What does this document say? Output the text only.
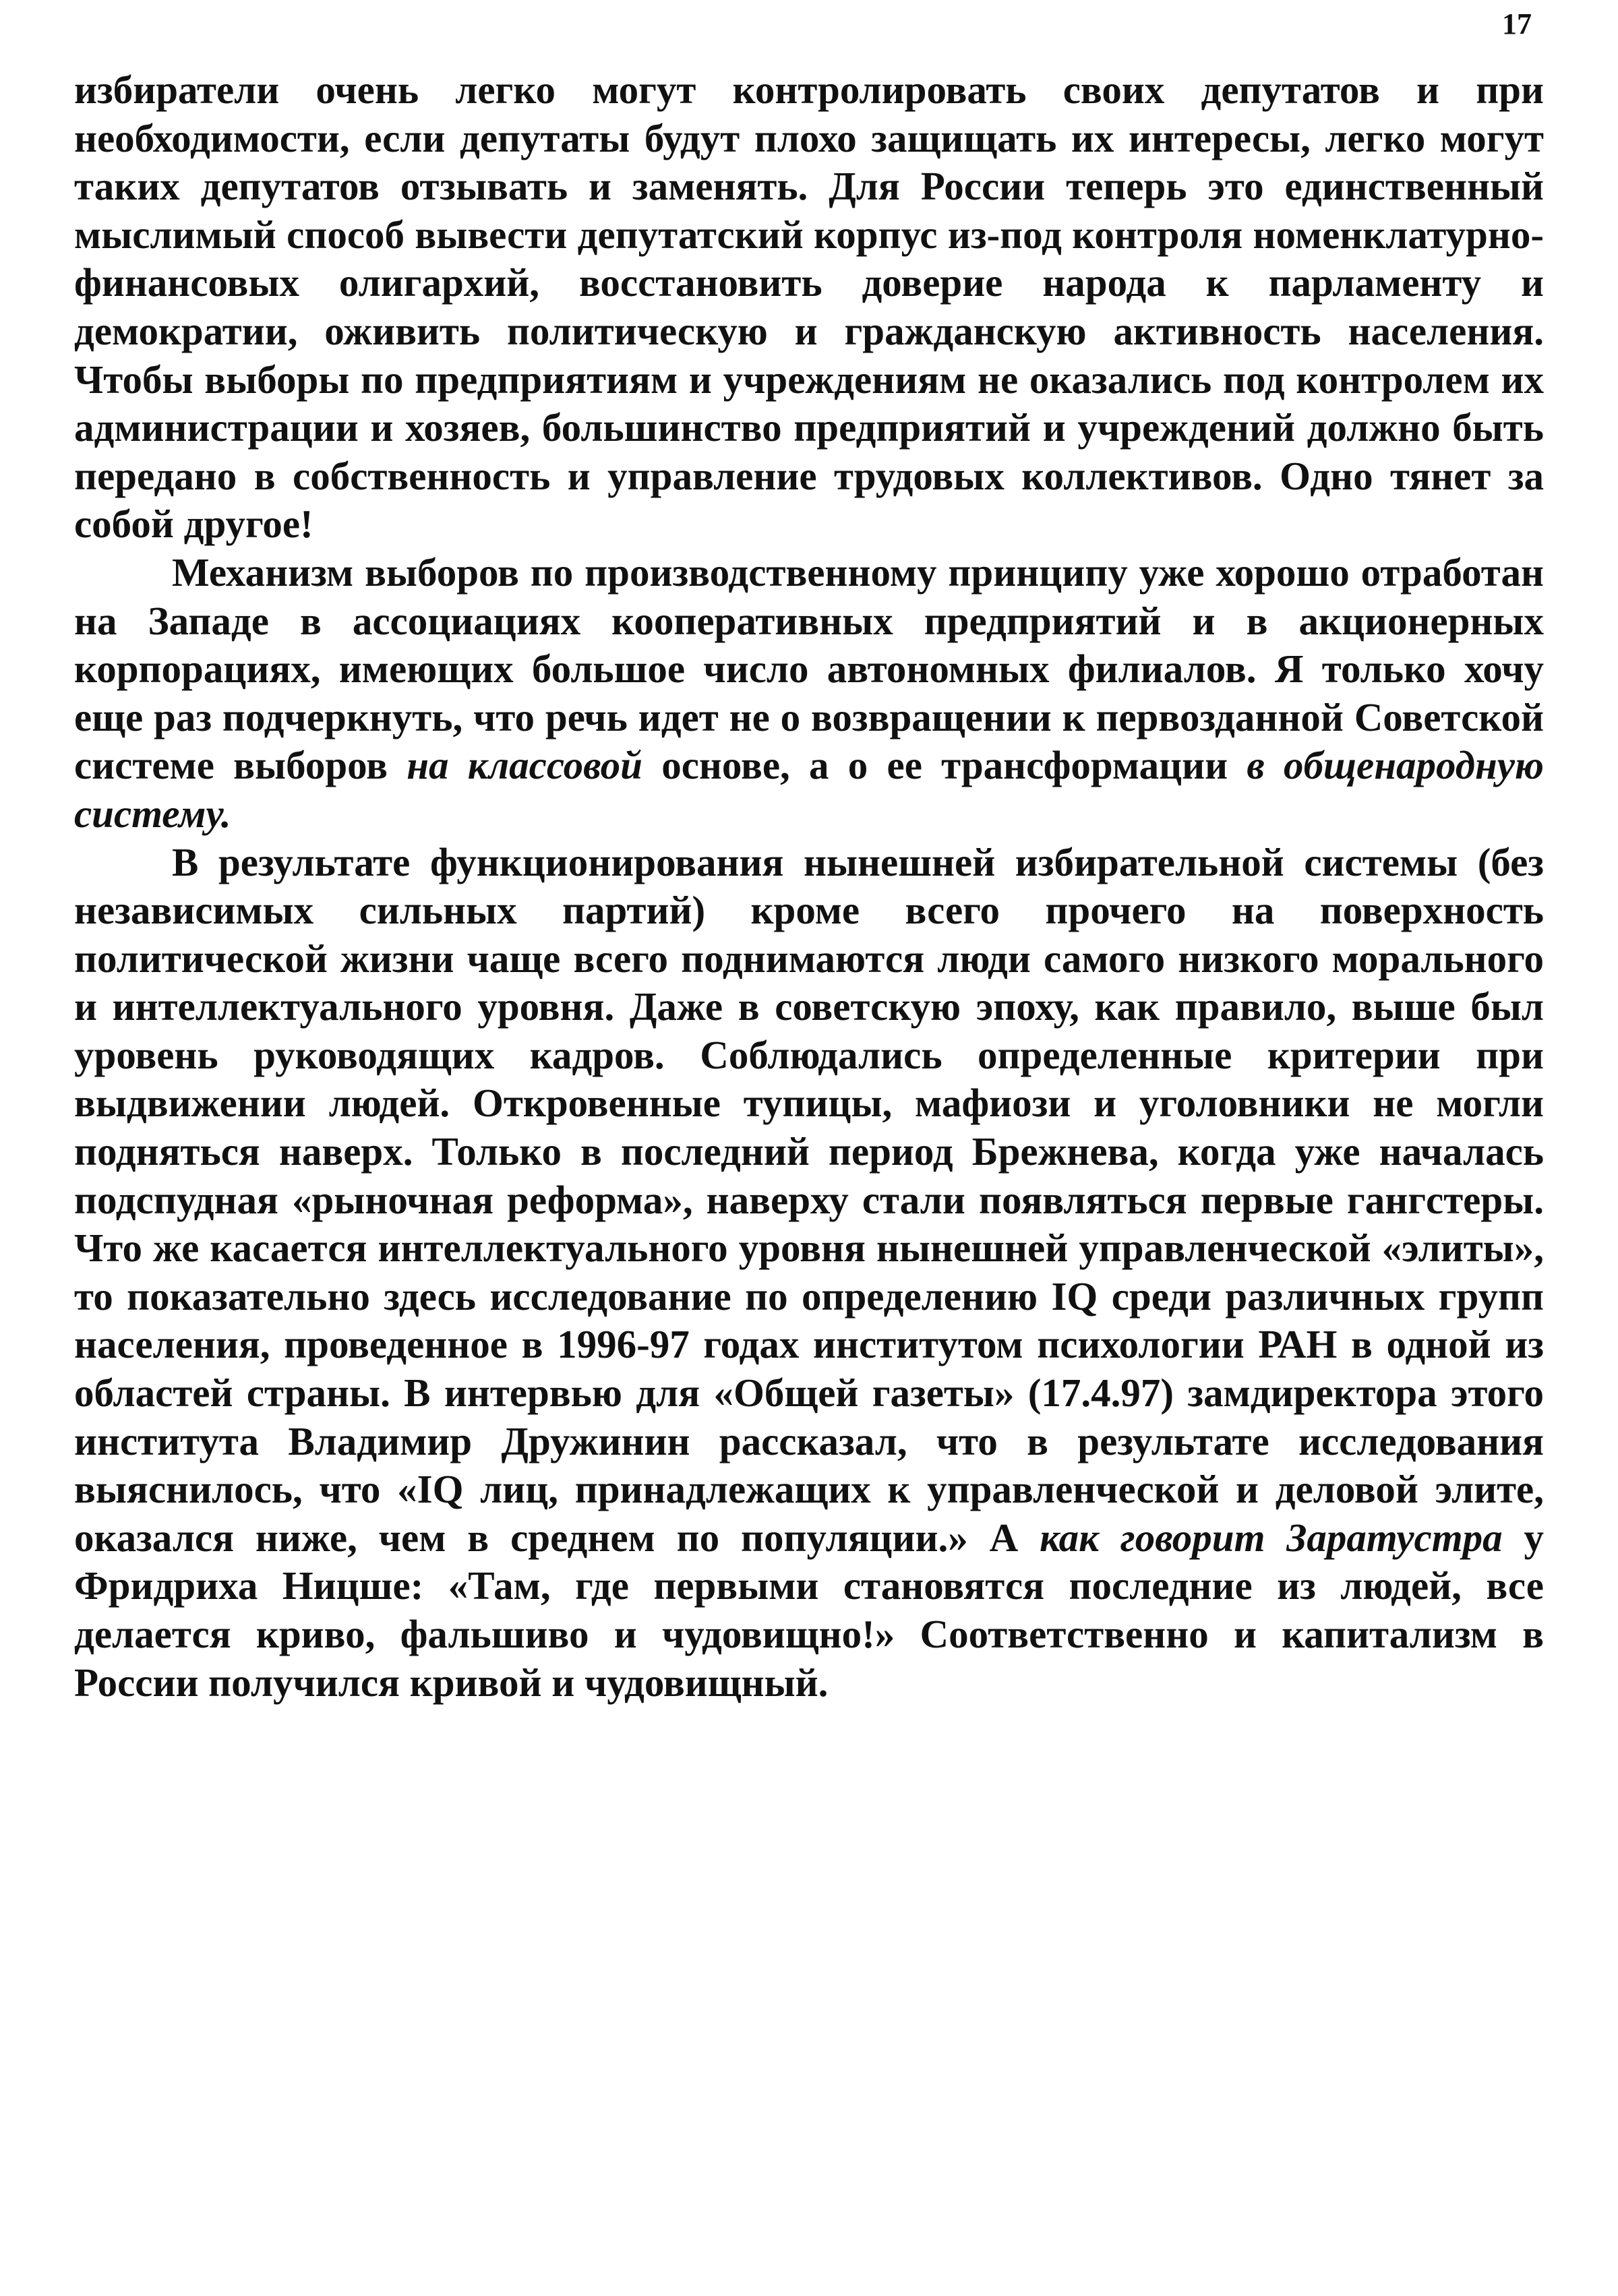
17

избиратели очень легко могут контролировать своих депутатов и при необходимости, если депутаты будут плохо защищать их интересы, легко могут таких депутатов отзывать и заменять. Для России теперь это единственный мыслимый способ вывести депутатский корпус из-под контроля номенклатурно-финансовых олигархий, восстановить доверие народа к парламенту и демократии, оживить политическую и гражданскую активность населения. Чтобы выборы по предприятиям и учреждениям не оказались под контролем их администрации и хозяев, большинство предприятий и учреждений должно быть передано в собственность и управление трудовых коллективов. Одно тянет за собой другое!

Механизм выборов по производственному принципу уже хорошо отработан на Западе в ассоциациях кооперативных предприятий и в акционерных корпорациях, имеющих большое число автономных филиалов. Я только хочу еще раз подчеркнуть, что речь идет не о возвращении к первозданной Советской системе выборов на классовой основе, а о ее трансформации в общенародную систему.

В результате функционирования нынешней избирательной системы (без независимых сильных партий) кроме всего прочего на поверхность политической жизни чаще всего поднимаются люди самого низкого морального и интеллектуального уровня. Даже в советскую эпоху, как правило, выше был уровень руководящих кадров. Соблюдались определенные критерии при выдвижении людей. Откровенные тупицы, мафиози и уголовники не могли подняться наверх. Только в последний период Брежнева, когда уже началась подспудная «рыночная реформа», наверху стали появляться первые гангстеры. Что же касается интеллектуального уровня нынешней управленческой «элиты», то показательно здесь исследование по определению IQ среди различных групп населения, проведенное в 1996-97 годах институтом психологии РАН в одной из областей страны. В интервью для «Общей газеты» (17.4.97) замдиректора этого института Владимир Дружинин рассказал, что в результате исследования выяснилось, что «IQ лиц, принадлежащих к управленческой и деловой элите, оказался ниже, чем в среднем по популяции.» А как говорит Заратустра у Фридриха Ницше: «Там, где первыми становятся последние из людей, все делается криво, фальшиво и чудовищно!» Соответственно и капитализм в России получился кривой и чудовищный.
